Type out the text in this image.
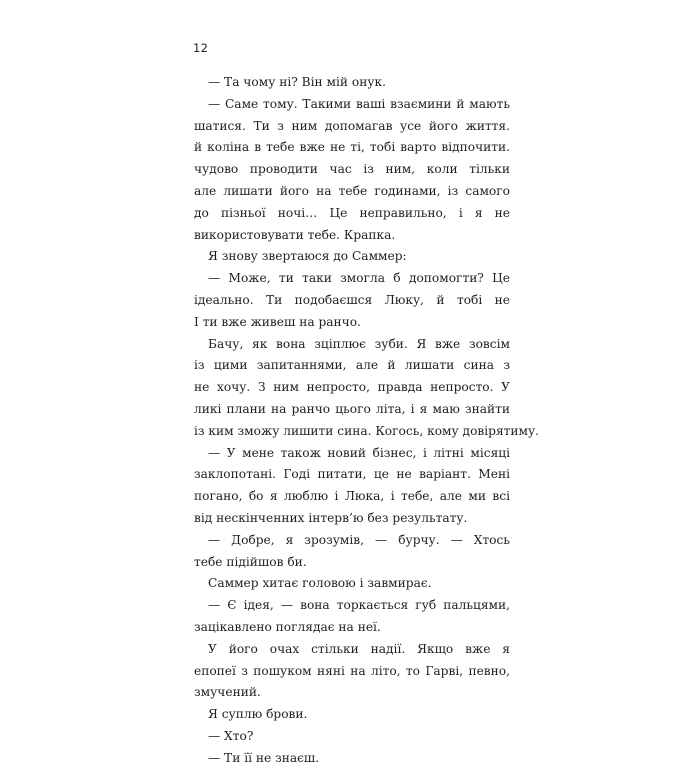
12
— Та чому ні? Він мій онук.
— Саме тому. Такими ваші взаємини й мають
шатися. Ти з ним допомагав усе його життя.
й коліна в тебе вже не ті, тобі варто відпочити.
чудово проводити час із ним, коли тільки
але лишати його на тебе годинами, із самого
до пізньої ночі… Це неправильно, і я не
використовувати тебе. Крапка.
Я знову звертаюся до Саммер:
— Може, ти таки змогла б допомогти? Це
ідеально. Ти подобаєшся Люку, й тобі не
І ти вже живеш на ранчо.
Бачу, як вона зціплює зуби. Я вже зовсім
із цими запитаннями, але й лишати сина з
не хочу. З ним непросто, правда непросто. У
ликі плани на ранчо цього літа, і я маю знайти
із ким зможу лишити сина. Когось, кому довірятиму.
— У мене також новий бізнес, і літні місяці
заклопотані. Годі питати, це не варіант. Мені
погано, бо я люблю і Люка, і тебе, але ми всі
від нескінченних інтерв’ю без результату.
— Добре, я зрозумів, — бурчу. — Хтось
тебе підійшов би.
Саммер хитає головою і завмирає.
— Є ідея, — вона торкається губ пальцями,
зацікавлено поглядає на неї.
У його очах стільки надії. Якщо вже я
епопеї з пошуком няні на літо, то Гарві, певно,
змучений.
Я суплю брови.
— Хто?
— Ти її не знаєш.
